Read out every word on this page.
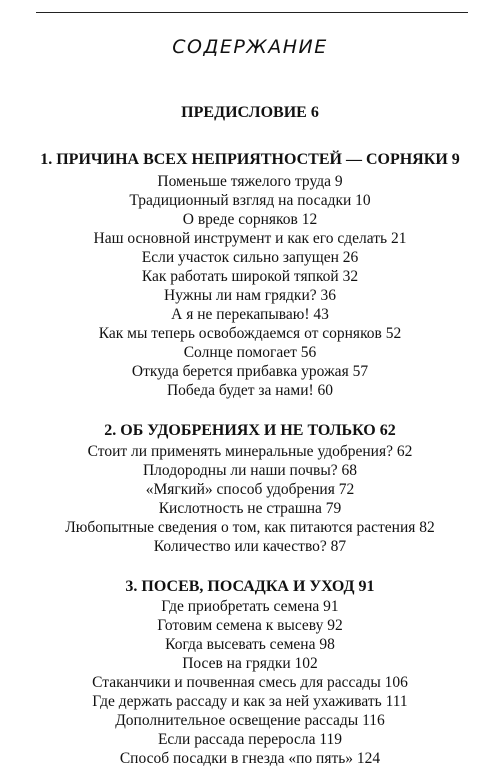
СОДЕРЖАНИЕ
ПРЕДИСЛОВИЕ 6
1. ПРИЧИНА ВСЕХ НЕПРИЯТНОСТЕЙ — СОРНЯКИ 9
Поменьше тяжелого труда 9
Традиционный взгляд на посадки 10
О вреде сорняков 12
Наш основной инструмент и как его сделать 21
Если участок сильно запущен 26
Как работать широкой тяпкой 32
Нужны ли нам грядки? 36
А я не перекапываю! 43
Как мы теперь освобождаемся от сорняков 52
Солнце помогает 56
Откуда берется прибавка урожая 57
Победа будет за нами! 60
2. ОБ УДОБРЕНИЯХ И НЕ ТОЛЬКО 62
Стоит ли применять минеральные удобрения? 62
Плодородны ли наши почвы? 68
«Мягкий» способ удобрения 72
Кислотность не страшна 79
Любопытные сведения о том, как питаются растения 82
Количество или качество? 87
3. ПОСЕВ, ПОСАДКА И УХОД 91
Где приобретать семена 91
Готовим семена к высеву 92
Когда высевать семена 98
Посев на грядки 102
Стаканчики и почвенная смесь для рассады 106
Где держать рассаду и как за ней ухаживать 111
Дополнительное освещение рассады 116
Если рассада переросла 119
Способ посадки в гнезда «по пять» 124
